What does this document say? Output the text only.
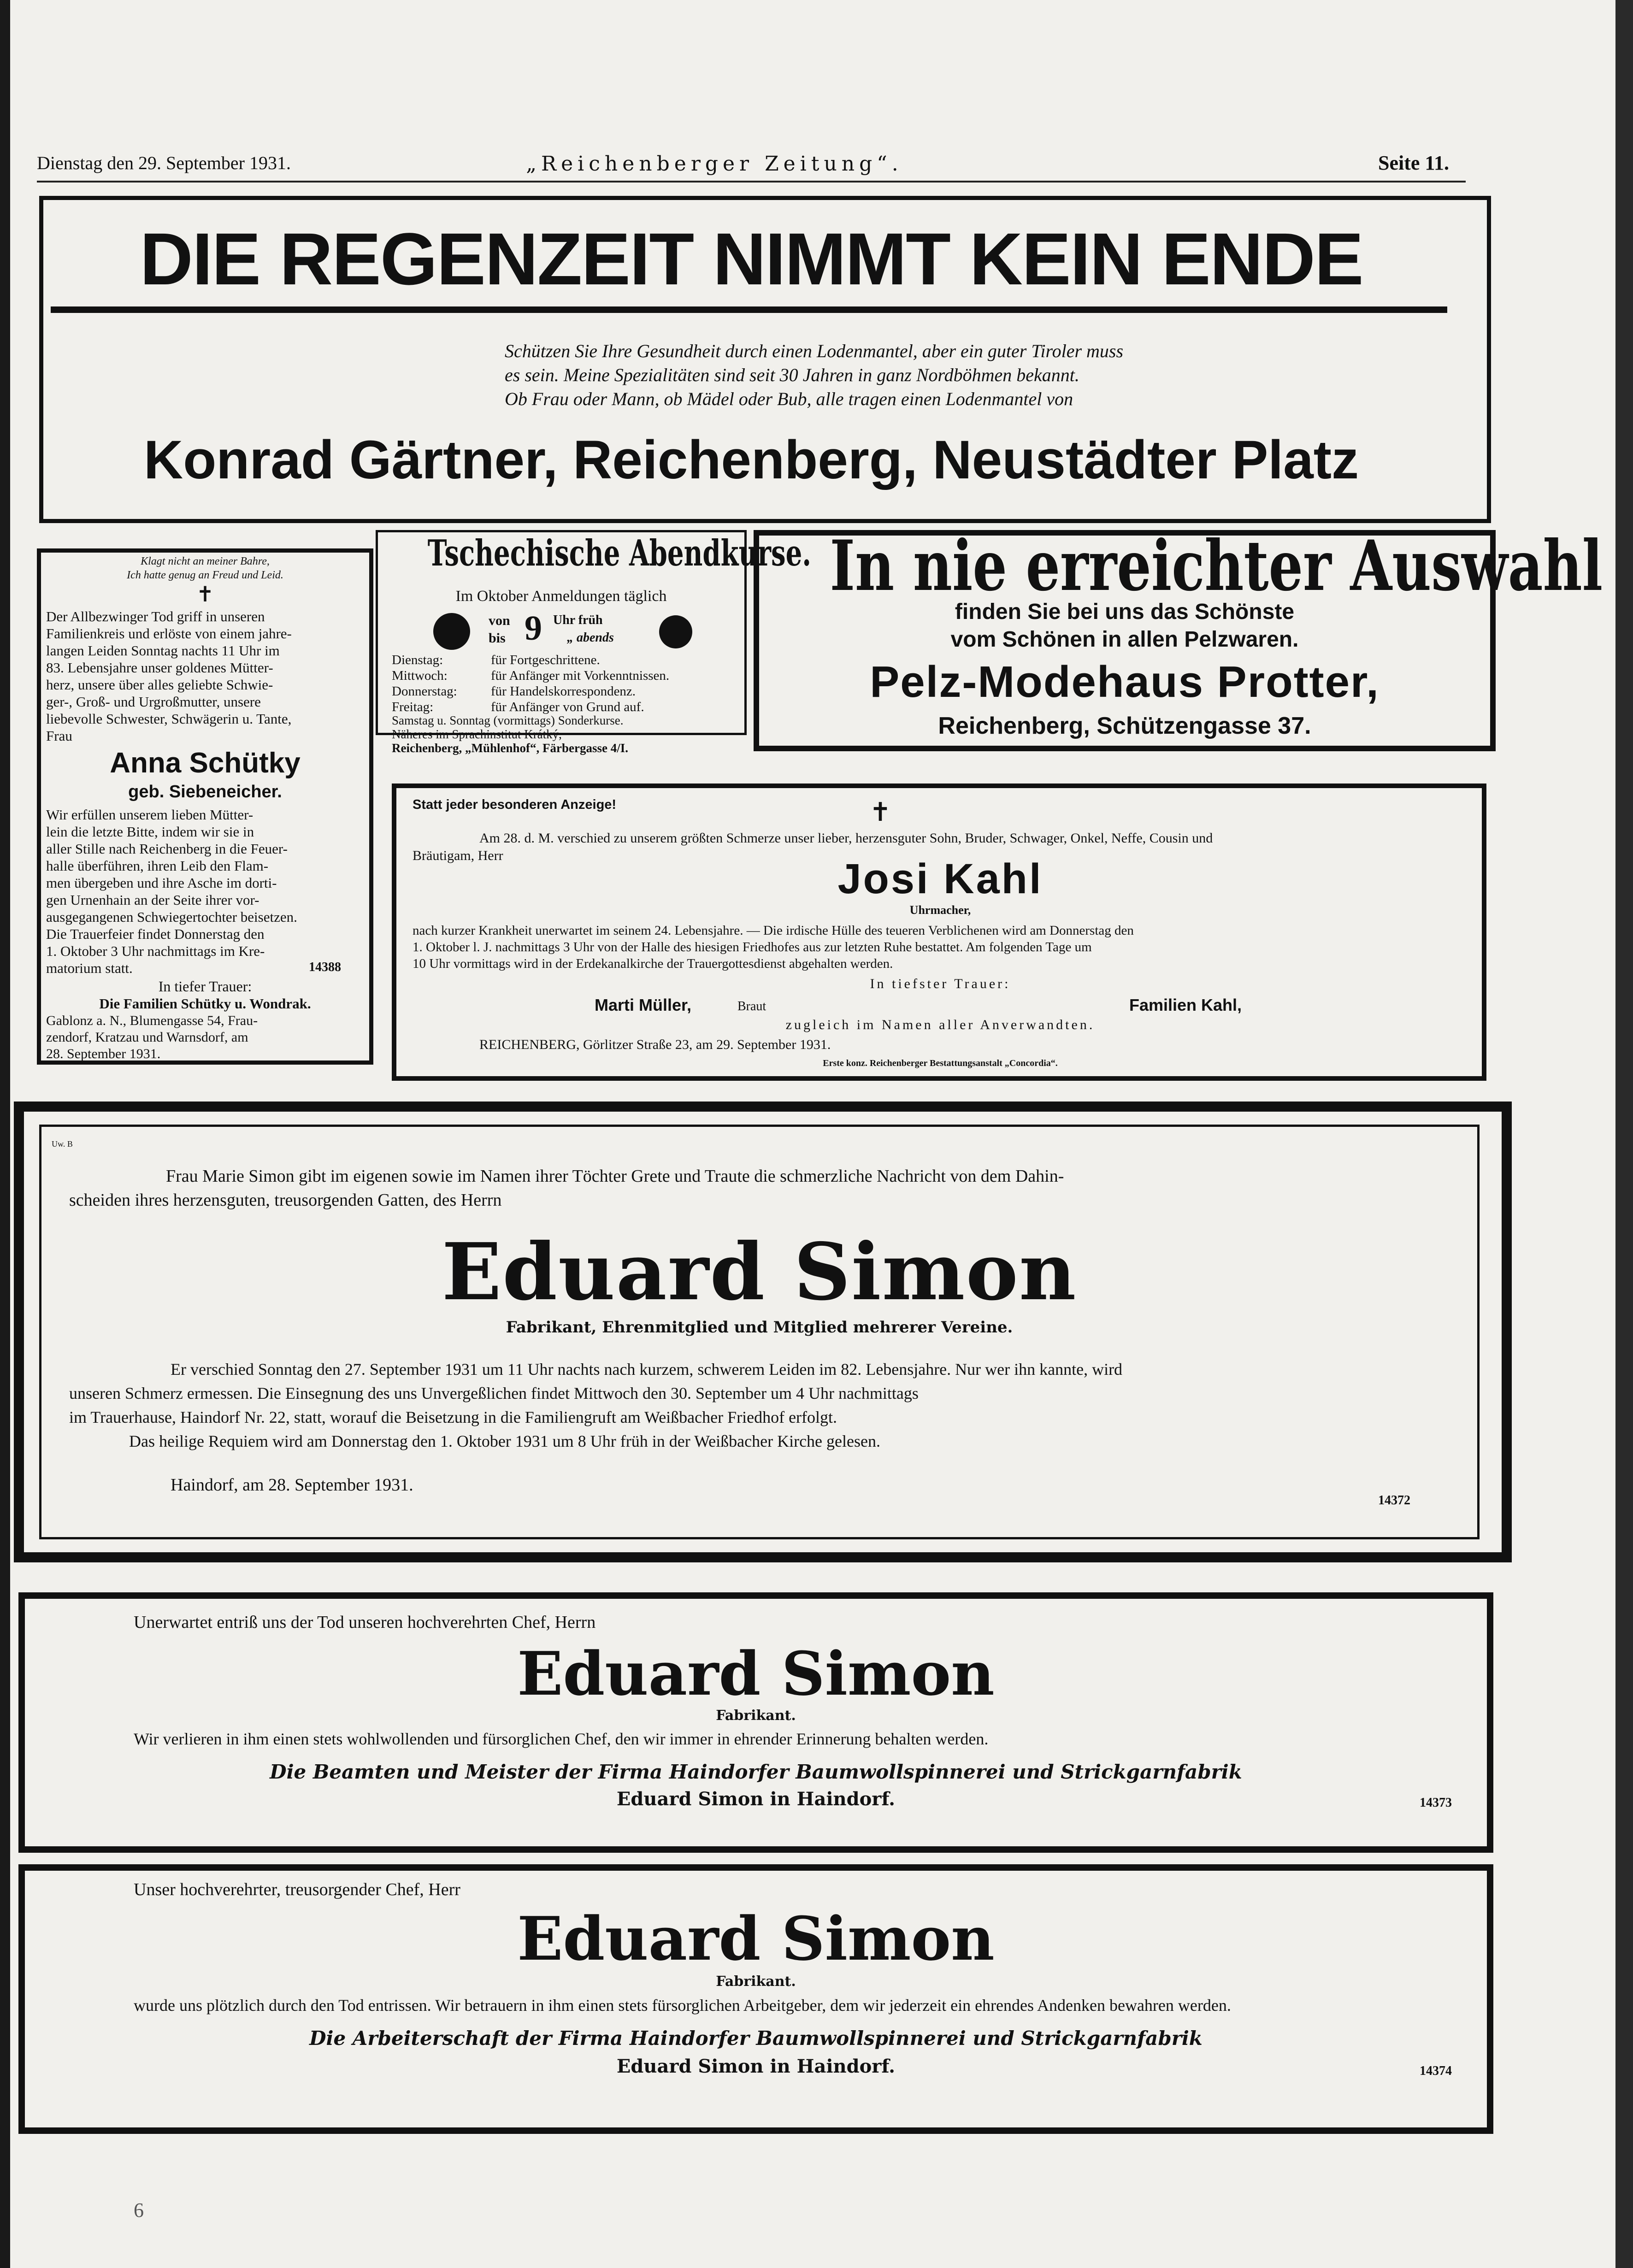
Dienstag den 29. September 1931.	„Reichenberger Zeitung“.	Seite 11.
DIE REGENZEIT NIMMT KEIN ENDE
Schützen Sie Ihre Gesundheit durch einen Lodenmantel, aber ein guter Tiroler muss
es sein. Meine Spezialitäten sind seit 30 Jahren in ganz Nordböhmen bekannt.
Ob Frau oder Mann, ob Mädel oder Bub, alle tragen einen Lodenmantel von
Konrad Gärtner, Reichenberg, Neustädter Platz
Klagt nicht an meiner Bahre,
Ich hatte genug an Freud und Leid.
✝
Der Allbezwinger Tod griff in unseren
Familienkreis und erlöste von einem jahre-
langen Leiden Sonntag nachts 11 Uhr im
83. Lebensjahre unser goldenes Mütter-
herz, unsere über alles geliebte Schwie-
ger-, Groß- und Urgroßmutter, unsere
liebevolle Schwester, Schwägerin u. Tante,
Frau
Anna Schütky
geb. Siebeneicher.
Wir erfüllen unserem lieben Mütter-
lein die letzte Bitte, indem wir sie in
aller Stille nach Reichenberg in die Feuer-
halle überführen, ihren Leib den Flam-
men übergeben und ihre Asche im dorti-
gen Urnenhain an der Seite ihrer vor-
ausgegangenen Schwiegertochter beisetzen.
Die Trauerfeier findet Donnerstag den
1. Oktober 3 Uhr nachmittags im Kre-
matorium statt.	14388
In tiefer Trauer:
Die Familien Schütky u. Wondrak.
Gablonz a. N., Blumengasse 54, Frau-
zendorf, Kratzau und Warnsdorf, am
28. September 1931.
Tschechische Abendkurse.
Im Oktober Anmeldungen täglich
von
bis 9 Uhr früh
„ abends
Dienstag:	für Fortgeschrittene.
Mittwoch:	für Anfänger mit Vorkenntnissen.
Donnerstag:	für Handelskorrespondenz.
Freitag:	für Anfänger von Grund auf.
Samstag u. Sonntag (vormittags) Sonderkurse.
Näheres im Sprachinstitut Krátký,
Reichenberg, „Mühlenhof“, Färbergasse 4/I.
In nie erreichter Auswahl
finden Sie bei uns das Schönste
vom Schönen in allen Pelzwaren.
Pelz-Modehaus Protter,
Reichenberg, Schützengasse 37.
Statt jeder besonderen Anzeige!	✝
Am 28. d. M. verschied zu unserem größten Schmerze unser lieber, herzensguter Sohn, Bruder, Schwager, Onkel, Neffe, Cousin und
Bräutigam, Herr	Josi Kahl
Uhrmacher,
nach kurzer Krankheit unerwartet im seinem 24. Lebensjahre. — Die irdische Hülle des teueren Verblichenen wird am Donnerstag den
1. Oktober l. J. nachmittags 3 Uhr von der Halle des hiesigen Friedhofes aus zur letzten Ruhe bestattet. Am folgenden Tage um
10 Uhr vormittags wird in der Erdekanalkirche der Trauergottesdienst abgehalten werden.
In tiefster Trauer:
Marti Müller,	Braut	Familien Kahl,
zugleich im Namen aller Anverwandten.
REICHENBERG, Görlitzer Straße 23, am 29. September 1931.
Erste konz. Reichenberger Bestattungsanstalt „Concordia“.
Uw. B
Frau Marie Simon gibt im eigenen sowie im Namen ihrer Töchter Grete und Traute die schmerzliche Nachricht von dem Dahin-
scheiden ihres herzensguten, treusorgenden Gatten, des Herrn
Eduard Simon
Fabrikant, Ehrenmitglied und Mitglied mehrerer Vereine.
Er verschied Sonntag den 27. September 1931 um 11 Uhr nachts nach kurzem, schwerem Leiden im 82. Lebensjahre. Nur wer ihn kannte, wird
unseren Schmerz ermessen. Die Einsegnung des uns Unvergeßlichen findet Mittwoch den 30. September um 4 Uhr nachmittags
im Trauerhause, Haindorf Nr. 22, statt, worauf die Beisetzung in die Familiengruft am Weißbacher Friedhof erfolgt.
Das heilige Requiem wird am Donnerstag den 1. Oktober 1931 um 8 Uhr früh in der Weißbacher Kirche gelesen.
Haindorf, am 28. September 1931.
14372
Unerwartet entriß uns der Tod unseren hochverehrten Chef, Herrn
Eduard Simon
Fabrikant.
Wir verlieren in ihm einen stets wohlwollenden und fürsorglichen Chef, den wir immer in ehrender Erinnerung behalten werden.
Die Beamten und Meister der Firma Haindorfer Baumwollspinnerei und Strickgarnfabrik
Eduard Simon in Haindorf.	14373
Unser hochverehrter, treusorgender Chef, Herr
Eduard Simon
Fabrikant.
wurde uns plötzlich durch den Tod entrissen. Wir betrauern in ihm einen stets fürsorglichen Arbeitgeber, dem wir jederzeit ein ehrendes Andenken bewahren werden.
Die Arbeiterschaft der Firma Haindorfer Baumwollspinnerei und Strickgarnfabrik
Eduard Simon in Haindorf.	14374
6
